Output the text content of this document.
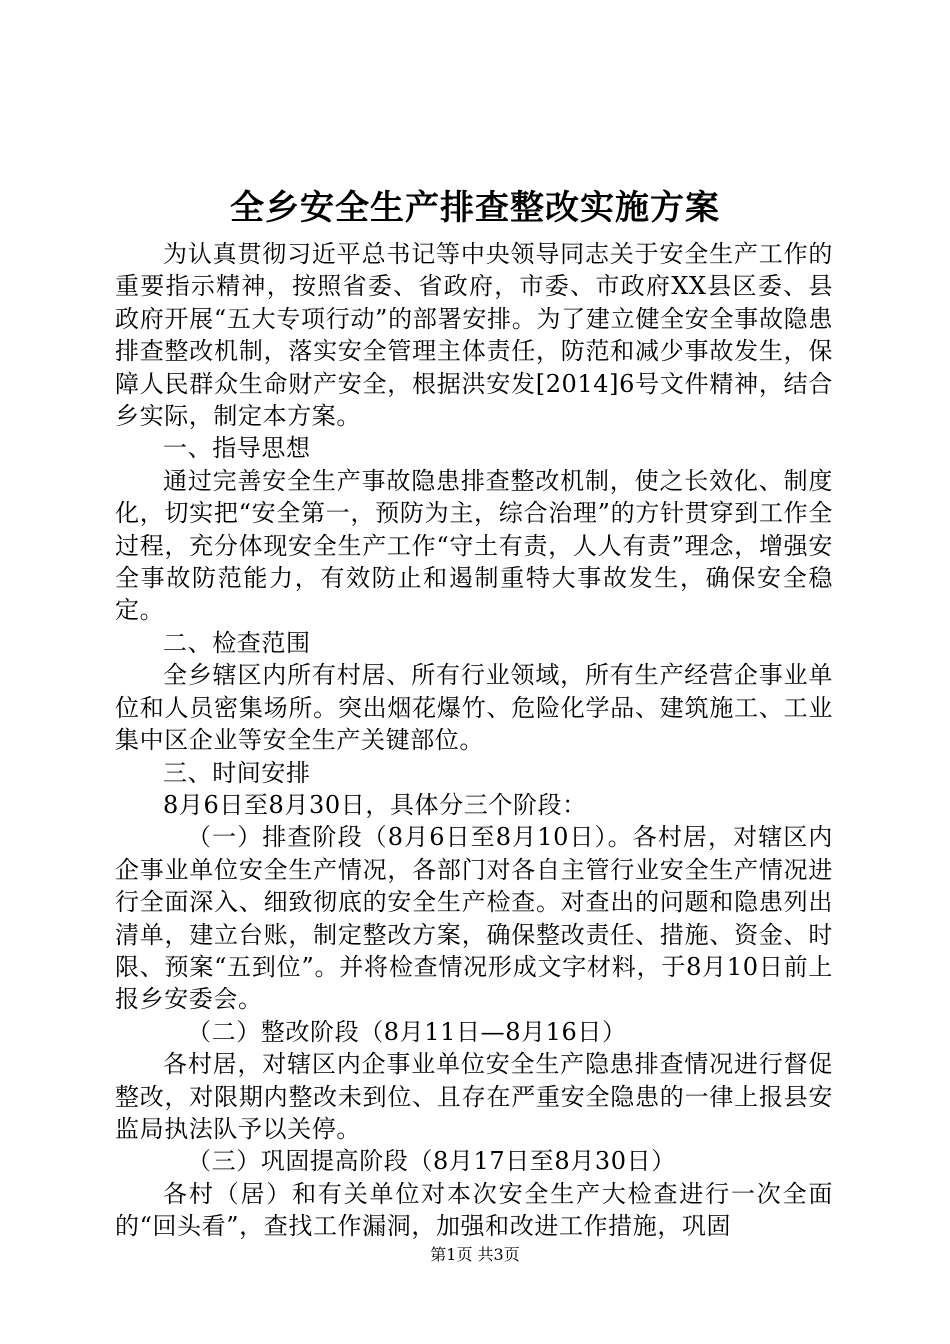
全乡安全生产排查整改实施方案

为认真贯彻习近平总书记等中央领导同志关于安全生产工作的重要指示精神，按照省委、省政府，市委、市政府XX县区委、县政府开展“五大专项行动”的部署安排。为了建立健全安全事故隐患排查整改机制，落实安全管理主体责任，防范和减少事故发生，保障人民群众生命财产安全，根据洪安发[2014]6号文件精神，结合乡实际，制定本方案。

一、指导思想

通过完善安全生产事故隐患排查整改机制，使之长效化、制度化，切实把“安全第一，预防为主，综合治理”的方针贯穿到工作全过程，充分体现安全生产工作“守土有责，人人有责”理念，增强安全事故防范能力，有效防止和遏制重特大事故发生，确保安全稳定。

二、检查范围

全乡辖区内所有村居、所有行业领域，所有生产经营企事业单位和人员密集场所。突出烟花爆竹、危险化学品、建筑施工、工业集中区企业等安全生产关键部位。

三、时间安排

8月6日至8月30日，具体分三个阶段：

（一）排查阶段（8月6日至8月10日）。各村居，对辖区内企事业单位安全生产情况，各部门对各自主管行业安全生产情况进行全面深入、细致彻底的安全生产检查。对查出的问题和隐患列出清单，建立台账，制定整改方案，确保整改责任、措施、资金、时限、预案“五到位”。并将检查情况形成文字材料，于8月10日前上报乡安委会。

（二）整改阶段（8月11日—8月16日）

各村居，对辖区内企事业单位安全生产隐患排查情况进行督促整改，对限期内整改未到位、且存在严重安全隐患的一律上报县安监局执法队予以关停。

（三）巩固提高阶段（8月17日至8月30日）

各村（居）和有关单位对本次安全生产大检查进行一次全面的“回头看”，查找工作漏洞，加强和改进工作措施，巩固

第1页 共3页
